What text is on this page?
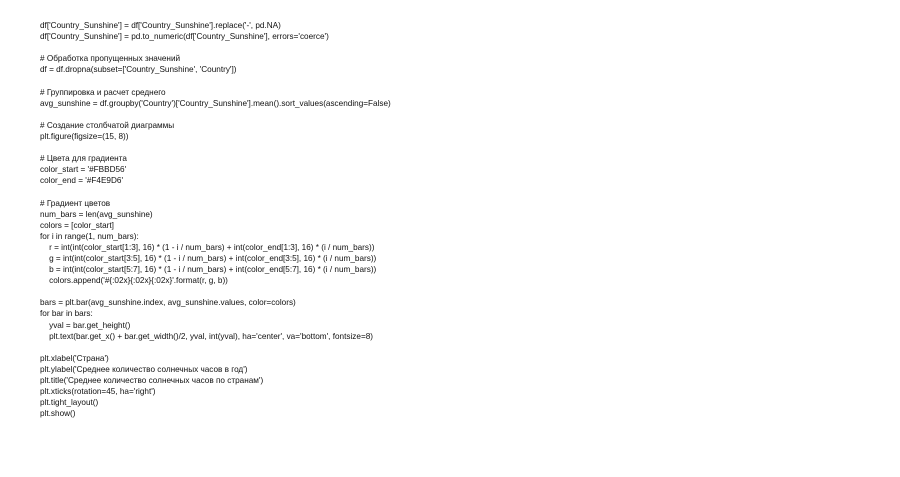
df['Country_Sunshine'] = df['Country_Sunshine'].replace('-', pd.NA)
df['Country_Sunshine'] = pd.to_numeric(df['Country_Sunshine'], errors='coerce')
# Обработка пропущенных значений
df = df.dropna(subset=['Country_Sunshine', 'Country'])
# Группировка и расчет среднего
avg_sunshine = df.groupby('Country')['Country_Sunshine'].mean().sort_values(ascending=False)
# Создание столбчатой диаграммы
plt.figure(figsize=(15, 8))
# Цвета для градиента
color_start = '#FBBD56'
color_end = '#F4E9D6'
# Градиент цветов
num_bars = len(avg_sunshine)
colors = [color_start]
for i in range(1, num_bars):
r = int(int(color_start[1:3], 16) * (1 - i / num_bars) + int(color_end[1:3], 16) * (i / num_bars))
g = int(int(color_start[3:5], 16) * (1 - i / num_bars) + int(color_end[3:5], 16) * (i / num_bars))
b = int(int(color_start[5:7], 16) * (1 - i / num_bars) + int(color_end[5:7], 16) * (i / num_bars))
colors.append('#{:02x}{:02x}{:02x}'.format(r, g, b))
bars = plt.bar(avg_sunshine.index, avg_sunshine.values, color=colors)
for bar in bars:
yval = bar.get_height()
plt.text(bar.get_x() + bar.get_width()/2, yval, int(yval), ha='center', va='bottom', fontsize=8)
plt.xlabel('Страна')
plt.ylabel('Среднее количество солнечных часов в год')
plt.title('Среднее количество солнечных часов по странам')
plt.xticks(rotation=45, ha='right')
plt.tight_layout()
plt.show()
